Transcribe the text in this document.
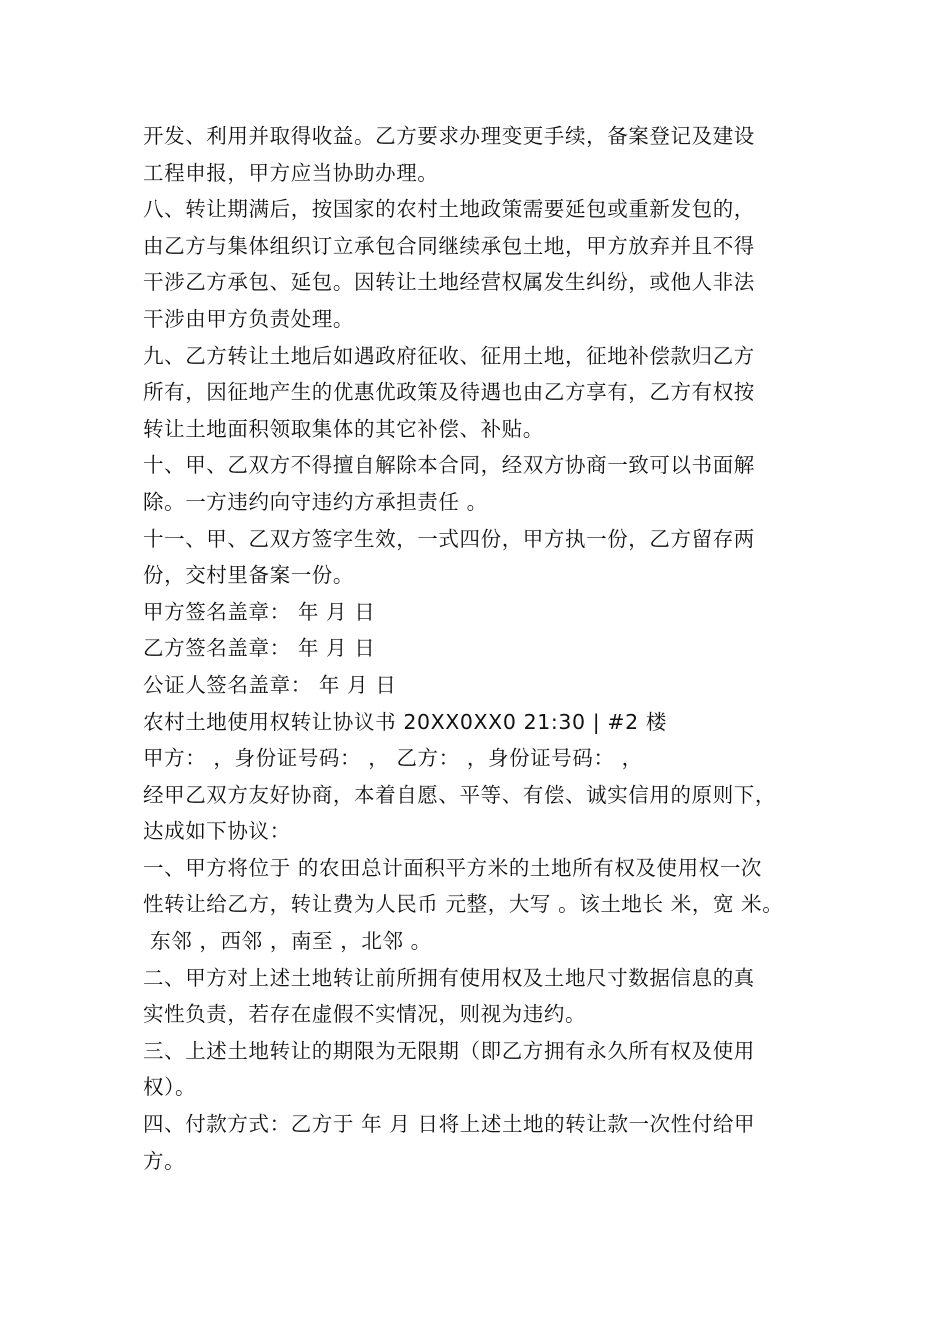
开发、利用并取得收益。乙方要求办理变更手续，备案登记及建设
工程申报，甲方应当协助办理。
八、转让期满后，按国家的农村土地政策需要延包或重新发包的，
由乙方与集体组织订立承包合同继续承包土地，甲方放弃并且不得
干涉乙方承包、延包。因转让土地经营权属发生纠纷，或他人非法
干涉由甲方负责处理。
九、乙方转让土地后如遇政府征收、征用土地，征地补偿款归乙方
所有，因征地产生的优惠优政策及待遇也由乙方享有，乙方有权按
转让土地面积领取集体的其它补偿、补贴。
十、甲、乙双方不得擅自解除本合同，经双方协商一致可以书面解
除。一方违约向守违约方承担责任 。
十一、甲、乙双方签字生效，一式四份，甲方执一份，乙方留存两
份，交村里备案一份。
甲方签名盖章： 年 月 日
乙方签名盖章： 年 月 日
公证人签名盖章： 年 月 日
农村土地使用权转让协议书 20XX0XX0 21:30 | #2 楼
甲方： ，身份证号码： ， 乙方： ，身份证号码： ，
经甲乙双方友好协商，本着自愿、平等、有偿、诚实信用的原则下，
达成如下协议：
一、甲方将位于 的农田总计面积平方米的土地所有权及使用权一次
性转让给乙方，转让费为人民币 元整，大写 。该土地长 米，宽 米。
东邻 ，西邻 ，南至 ，北邻 。
二、甲方对上述土地转让前所拥有使用权及土地尺寸数据信息的真
实性负责，若存在虚假不实情况，则视为违约。
三、上述土地转让的期限为无限期（即乙方拥有永久所有权及使用
权）。
四、付款方式：乙方于 年 月 日将上述土地的转让款一次性付给甲
方。
